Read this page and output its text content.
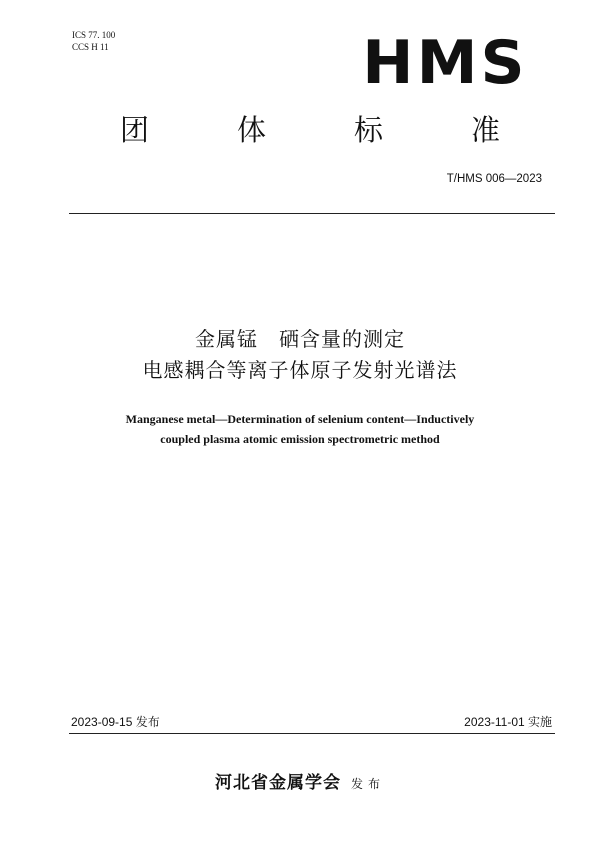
ICS 77. 100
CCS H 11	HMS
团	体	标	准
T/HMS 006—2023
金属锰　硒含量的测定
电感耦合等离子体原子发射光谱法
Manganese metal—Determination of selenium content—Inductively
coupled plasma atomic emission spectrometric method
2023-09-15 发布	2023-11-01 实施
河北省金属学会 发布
